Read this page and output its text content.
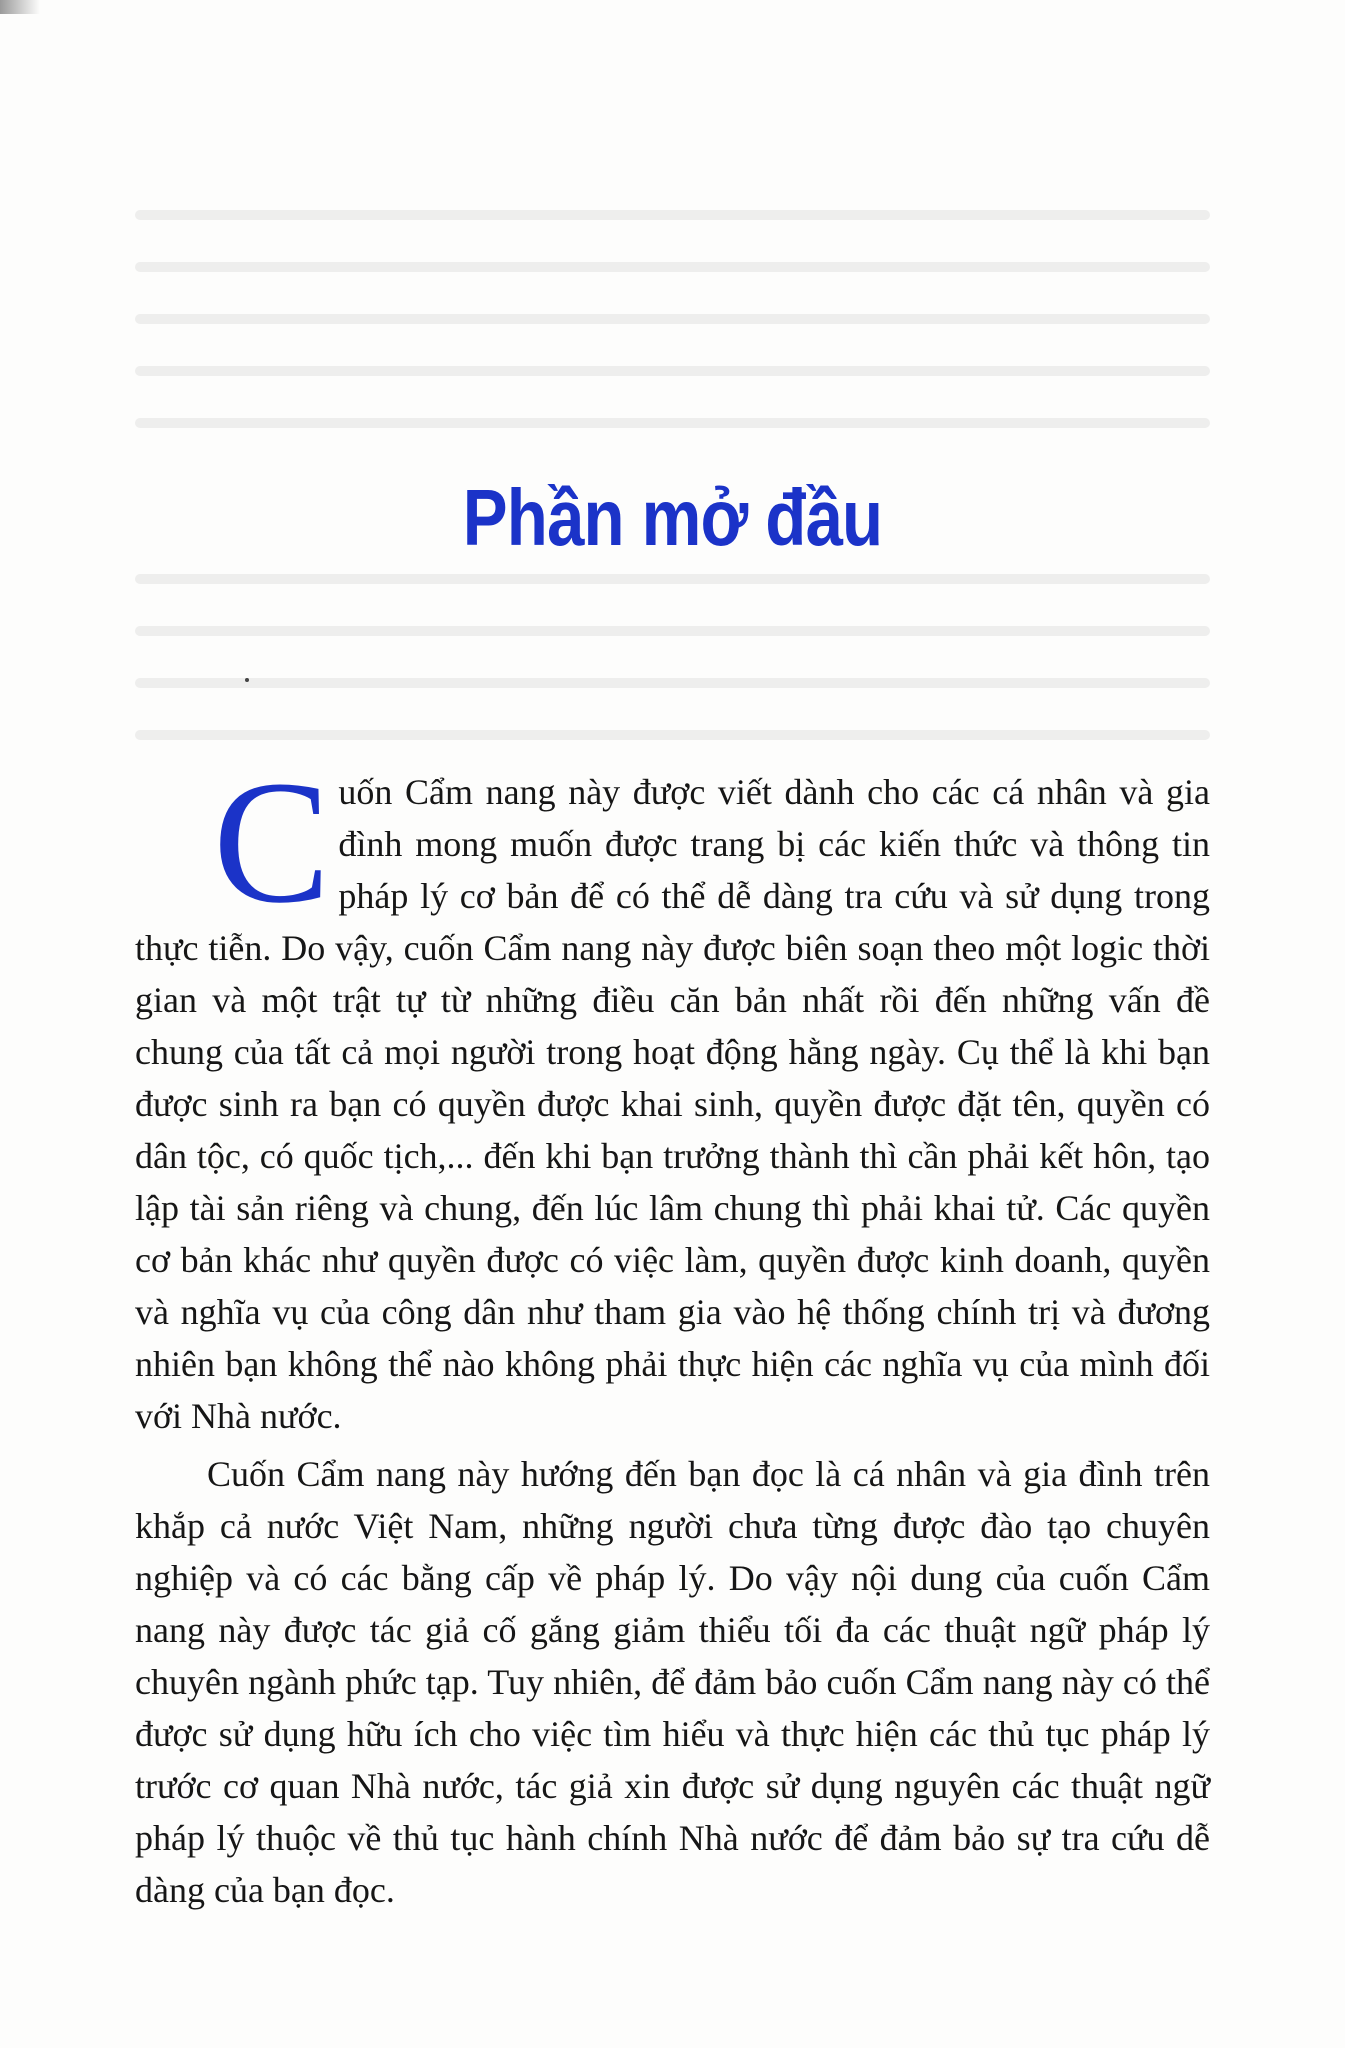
Phần mở đầu

Cuốn Cẩm nang này được viết dành cho các cá nhân và gia đình mong muốn được trang bị các kiến thức và thông tin pháp lý cơ bản để có thể dễ dàng tra cứu và sử dụng trong thực tiễn. Do vậy, cuốn Cẩm nang này được biên soạn theo một logic thời gian và một trật tự từ những điều căn bản nhất rồi đến những vấn đề chung của tất cả mọi người trong hoạt động hằng ngày. Cụ thể là khi bạn được sinh ra bạn có quyền được khai sinh, quyền được đặt tên, quyền có dân tộc, có quốc tịch,... đến khi bạn trưởng thành thì cần phải kết hôn, tạo lập tài sản riêng và chung, đến lúc lâm chung thì phải khai tử. Các quyền cơ bản khác như quyền được có việc làm, quyền được kinh doanh, quyền và nghĩa vụ của công dân như tham gia vào hệ thống chính trị và đương nhiên bạn không thể nào không phải thực hiện các nghĩa vụ của mình đối với Nhà nước.

Cuốn Cẩm nang này hướng đến bạn đọc là cá nhân và gia đình trên khắp cả nước Việt Nam, những người chưa từng được đào tạo chuyên nghiệp và có các bằng cấp về pháp lý. Do vậy nội dung của cuốn Cẩm nang này được tác giả cố gắng giảm thiểu tối đa các thuật ngữ pháp lý chuyên ngành phức tạp. Tuy nhiên, để đảm bảo cuốn Cẩm nang này có thể được sử dụng hữu ích cho việc tìm hiểu và thực hiện các thủ tục pháp lý trước cơ quan Nhà nước, tác giả xin được sử dụng nguyên các thuật ngữ pháp lý thuộc về thủ tục hành chính Nhà nước để đảm bảo sự tra cứu dễ dàng của bạn đọc.
